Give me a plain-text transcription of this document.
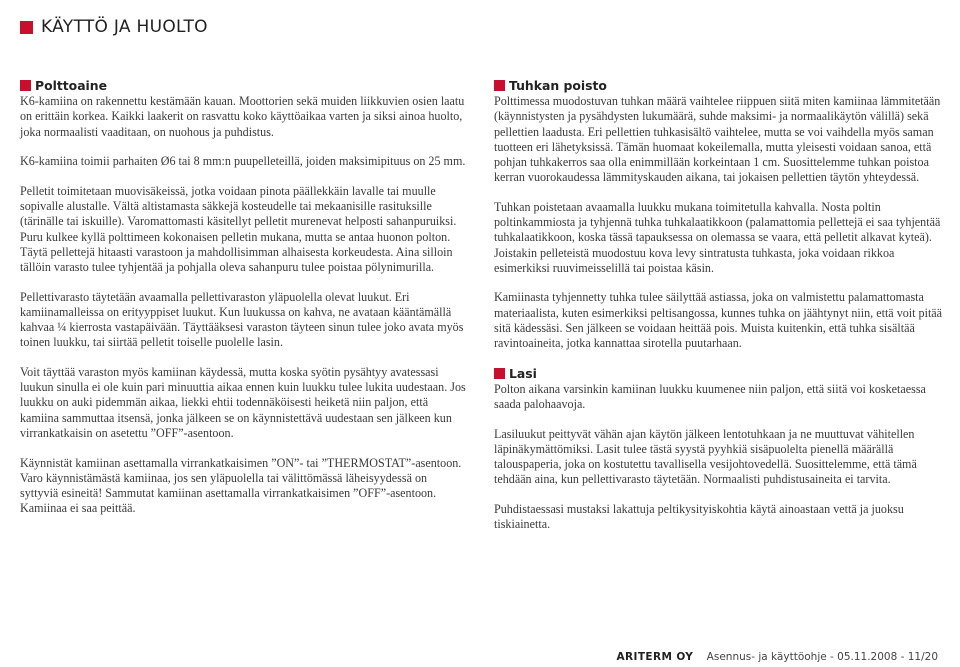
KÄYTTÖ JA HUOLTO
Polttoaine

K6-kamiina on rakennettu kestämään kauan. Moottorien sekä muiden liikkuvien osien laatu on erittäin korkea. Kaikki laakerit on rasvattu koko käyttöaikaa varten ja siksi ainoa huolto, joka normaalisti vaaditaan, on nuohous ja puhdistus.

K6-kamiina toimii parhaiten Ø6 tai 8 mm:n puupelleteillä, joiden maksimipituus on 25 mm.

Pelletit toimitetaan muovisäkeissä, jotka voidaan pinota päällekkäin lavalle tai muulle sopivalle alustalle. Vältä altistamasta säkkejä kosteudelle tai mekaanisille rasituksille (tärinälle tai iskuille). Varomattomasti käsitellyt pelletit murenevat helposti sahanpuruiksi. Puru kulkee kyllä polttimeen kokonaisen pelletin mukana, mutta se antaa huonon polton. Täytä pellettejä hitaasti varastoon ja mahdollisimman alhaisesta korkeudesta. Aina silloin tällöin varasto tulee tyhjentää ja pohjalla oleva sahanpuru tulee poistaa pölynimurilla.

Pellettivarasto täytetään avaamalla pellettivaraston yläpuolella olevat luukut. Eri kamiinamalleissa on erityyppiset luukut. Kun luukussa on kahva, ne avataan kääntämällä kahvaa ¼ kierrosta vastapäivään. Täyttääksesi varaston täyteen sinun tulee joko avata myös toinen luukku, tai siirtää pelletit toiselle puolelle lasin.

Voit täyttää varaston myös kamiinan käydessä, mutta koska syötin pysähtyy avatessasi luukun sinulla ei ole kuin pari minuuttia aikaa ennen kuin luukku tulee lukita uudestaan. Jos luukku on auki pidemmän aikaa, liekki ehtii todennäköisesti heiketä niin paljon, että kamiina sammuttaa itsensä, jonka jälkeen se on käynnistettävä uudestaan sen jälkeen kun virrankatkaisin on asetettu ”OFF”-asentoon.

Käynnistät kamiinan asettamalla virrankatkaisimen ”ON”- tai ”THERMOSTAT”-asentoon. Varo käynnistämästä kamiinaa, jos sen yläpuolella tai välittömässä läheisyydessä on syttyviä esineitä! Sammutat kamiinan asettamalla virrankatkaisimen ”OFF”-asentoon. Kamiinaa ei saa peittää.

Tuhkan poisto

Polttimessa muodostuvan tuhkan määrä vaihtelee riippuen siitä miten kamiinaa lämmitetään (käynnistysten ja pysähdysten lukumäärä, suhde maksimi- ja normaalikäytön välillä) sekä pellettien laadusta. Eri pellettien tuhkasisältö vaihtelee, mutta se voi vaihdella myös saman tuotteen eri lähetyksissä. Tämän huomaat kokeilemalla, mutta yleisesti voidaan sanoa, että pohjan tuhkakerros saa olla enimmillään korkeintaan 1 cm. Suosittelemme tuhkan poistoa kerran vuorokaudessa lämmityskauden aikana, tai jokaisen pellettien täytön yhteydessä.

Tuhkan poistetaan avaamalla luukku mukana toimitetulla kahvalla. Nosta poltin poltinkammiosta ja tyhjennä tuhka tuhkalaatikkoon (palamattomia pellettejä ei saa tyhjentää tuhkalaatikkoon, koska tässä tapauksessa on olemassa se vaara, että pelletit alkavat kyteä). Joistakin pelleteistä muodostuu kova levy sintratusta tuhkasta, joka voidaan rikkoa esimerkiksi ruuvimeisselillä tai poistaa käsin.

Kamiinasta tyhjennetty tuhka tulee säilyttää astiassa, joka on valmistettu palamattomasta materiaalista, kuten esimerkiksi peltisangossa, kunnes tuhka on jäähtynyt niin, että voit pitää sitä kädessäsi. Sen jälkeen se voidaan heittää pois. Muista kuitenkin, että tuhka sisältää ravintoaineita, jotka kannattaa sirotella puutarhaan.

Lasi

Polton aikana varsinkin kamiinan luukku kuumenee niin paljon, että siitä voi kosketaessa saada palohaavoja.

Lasiluukut peittyvät vähän ajan käytön jälkeen lentotuhkaan ja ne muuttuvat vähitellen läpinäkymättömiksi. Lasit tulee tästä syystä pyyhkiä sisäpuolelta pienellä määrällä talouspaperia, joka on kostutettu tavallisella vesijohtovedellä. Suosittelemme, että tämä tehdään aina, kun pellettivarasto täytetään. Normaalisti puhdistusaineita ei tarvita.

Puhdistaessasi mustaksi lakattuja peltikysityiskohtia käytä ainoastaan vettä ja juoksu tiskiainetta.

ARITERM OY Asennus- ja käyttöohje - 05.11.2008 - 11/20
